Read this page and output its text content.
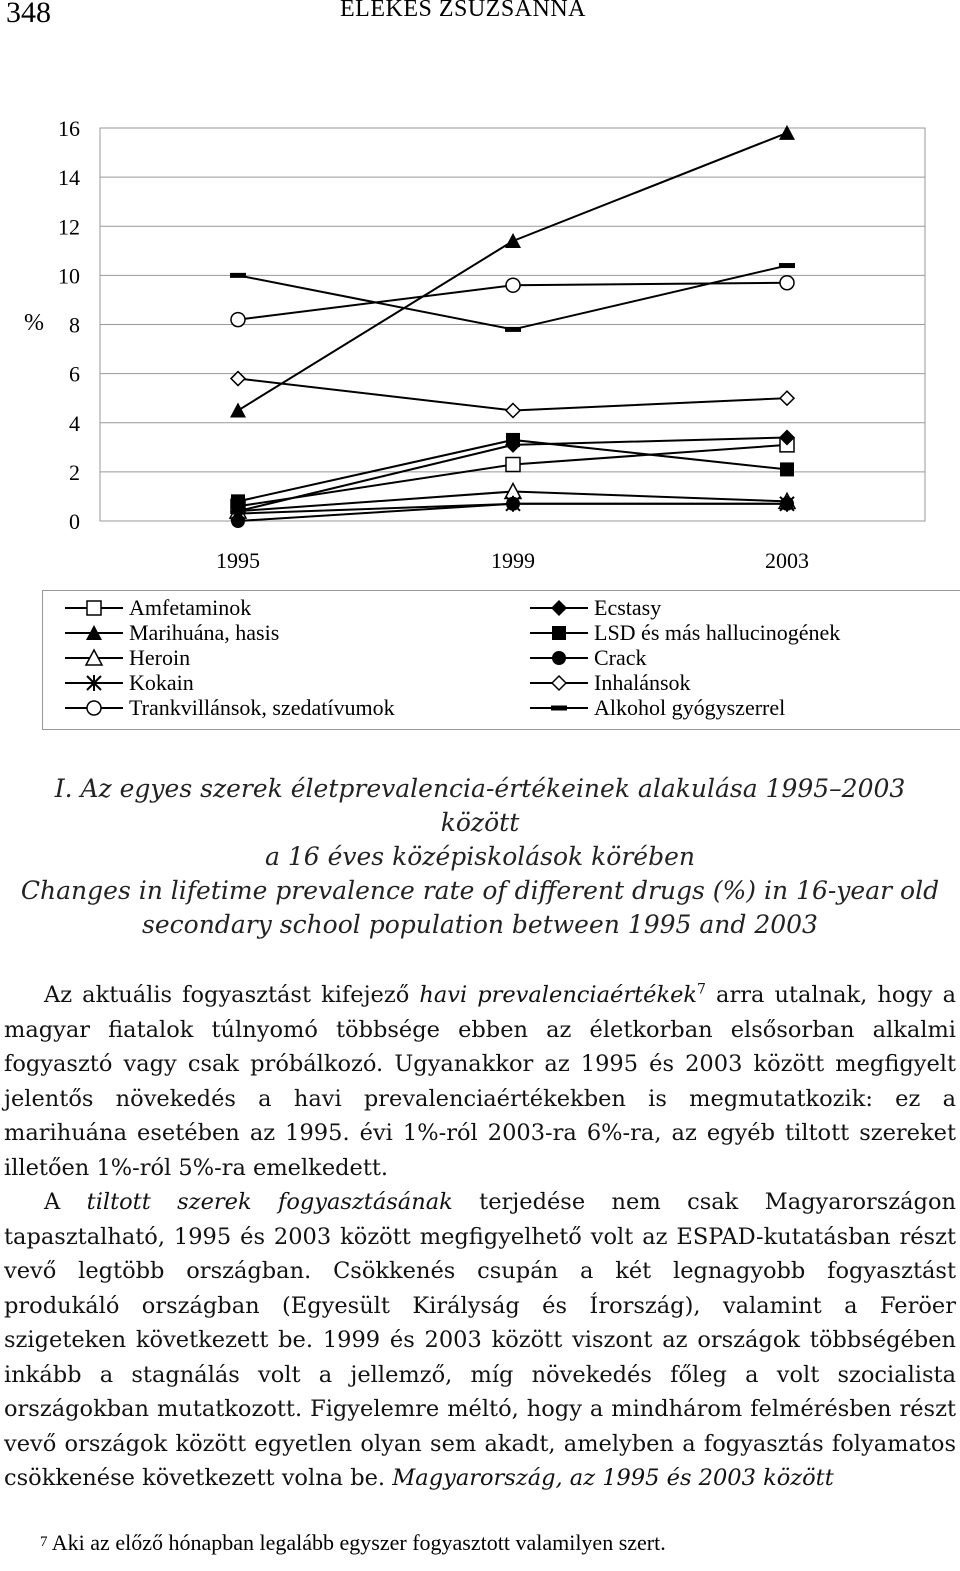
348	ELEKES ZSUZSANNA
0
2
4
6
8
10
12
14
16
%
1995	1999	2003
Amfetaminok
Marihuána, hasis
Heroin
Kokain
Trankvillánsok, szedatívumok
Ecstasy
LSD és más hallucinogének
Crack
Inhalánsok
Alkohol gyógyszerrel
I. Az egyes szerek életprevalencia-értékeinek alakulása 1995–2003 között
a 16 éves középiskolások körében
Changes in lifetime prevalence rate of different drugs (%) in 16-year old
secondary school population between 1995 and 2003

Az aktuális fogyasztást kifejező havi prevalenciaértékek$^7$ arra utalnak, hogy a magyar fiatalok túlnyomó többsége ebben az életkorban elsősorban alkalmi fogyasztó vagy csak próbálkozó. Ugyanakkor az 1995 és 2003 között megfigyelt jelentős növekedés a havi prevalenciaértékekben is megmutatkozik: ez a marihuána esetében az 1995. évi 1%-ról 2003-ra 6%-ra, az egyéb tiltott szereket illetően 1%-ról 5%-ra emelkedett.

A tiltott szerek fogyasztásának terjedése nem csak Magyarországon tapasztalható, 1995 és 2003 között megfigyelhető volt az ESPAD-kutatásban részt vevő legtöbb országban. Csökkenés csupán a két legnagyobb fogyasztást produkáló országban (Egyesült Királyság és Írország), valamint a Feröer szigeteken következett be. 1999 és 2003 között viszont az országok többségében inkább a stagnálás volt a jellemző, míg növekedés főleg a volt szocialista országokban mutatkozott. Figyelemre méltó, hogy a mindhárom felmérésben részt vevő országok között egyetlen olyan sem akadt, amelyben a fogyasztás folyamatos csökkenése következett volna be. Magyarország, az 1995 és 2003 között

$^7$ Aki az előző hónapban legalább egyszer fogyasztott valamilyen szert.
